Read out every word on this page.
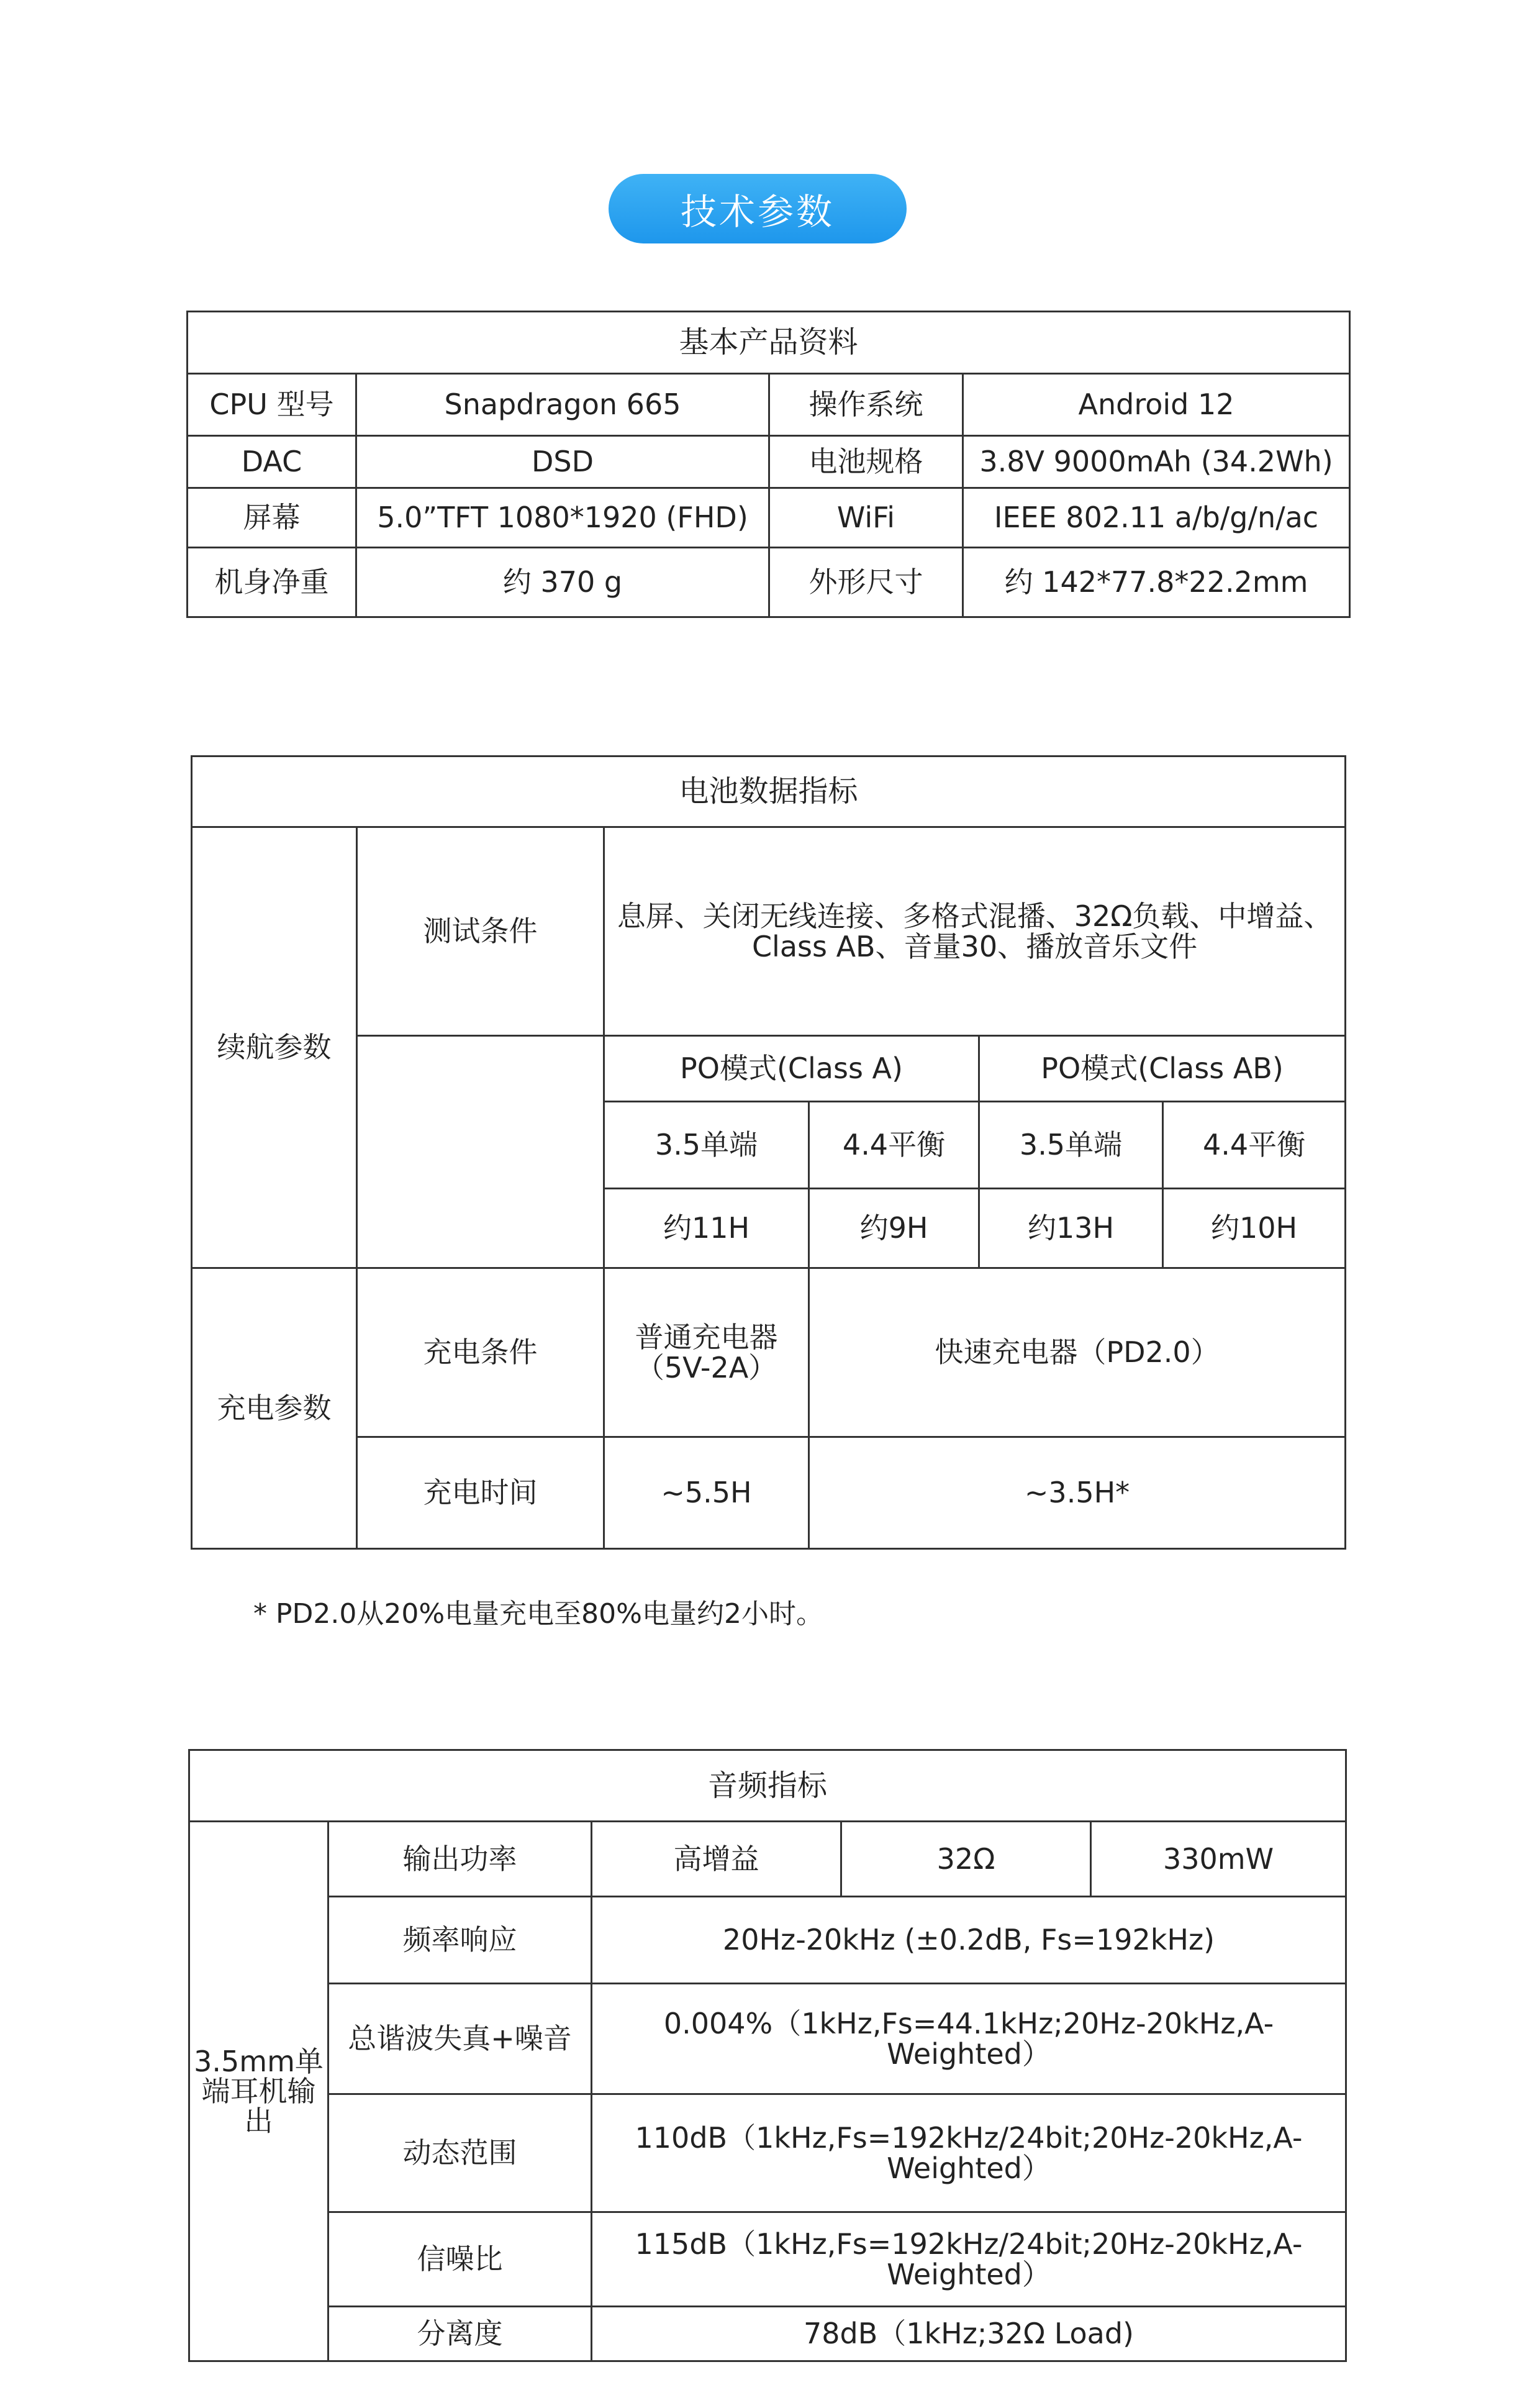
技术参数
基本产品资料			
CPU 型号	Snapdragon 665	操作系统	Android 12
DAC	DSD	电池规格	3.8V 9000mAh (34.2Wh)
屏幕	5.0”TFT 1080*1920 (FHD)	WiFi	IEEE 802.11 a/b/g/n/ac
机身净重	约 370 g	外形尺寸	约 142*77.8*22.2mm
电池数据指标					
续航参数	测试条件	息屏、关闭无线连接、多格式混播、32Ω负载、中增益、Class AB、音量30、播放音乐文件			
		PO模式(Class A)		PO模式(Class AB)	
		3.5单端	4.4平衡	3.5单端	4.4平衡
		约11H	约9H	约13H	约10H
充电参数	充电条件	普通充电器（5V-2A）	快速充电器（PD2.0）		
	充电时间	~5.5H	~3.5H*		
* PD2.0从20%电量充电至80%电量约2小时。
音频指标				
3.5mm单端耳机输出	输出功率	高增益	32Ω	330mW
	频率响应	20Hz-20kHz (±0.2dB, Fs=192kHz)		
	总谐波失真+噪音	0.004%（1kHz,Fs=44.1kHz;20Hz-20kHz,A-Weighted）		
	动态范围	110dB（1kHz,Fs=192kHz/24bit;20Hz-20kHz,A-Weighted）		
	信噪比	115dB（1kHz,Fs=192kHz/24bit;20Hz-20kHz,A-Weighted）		
	分离度	78dB（1kHz;32Ω Load)		
